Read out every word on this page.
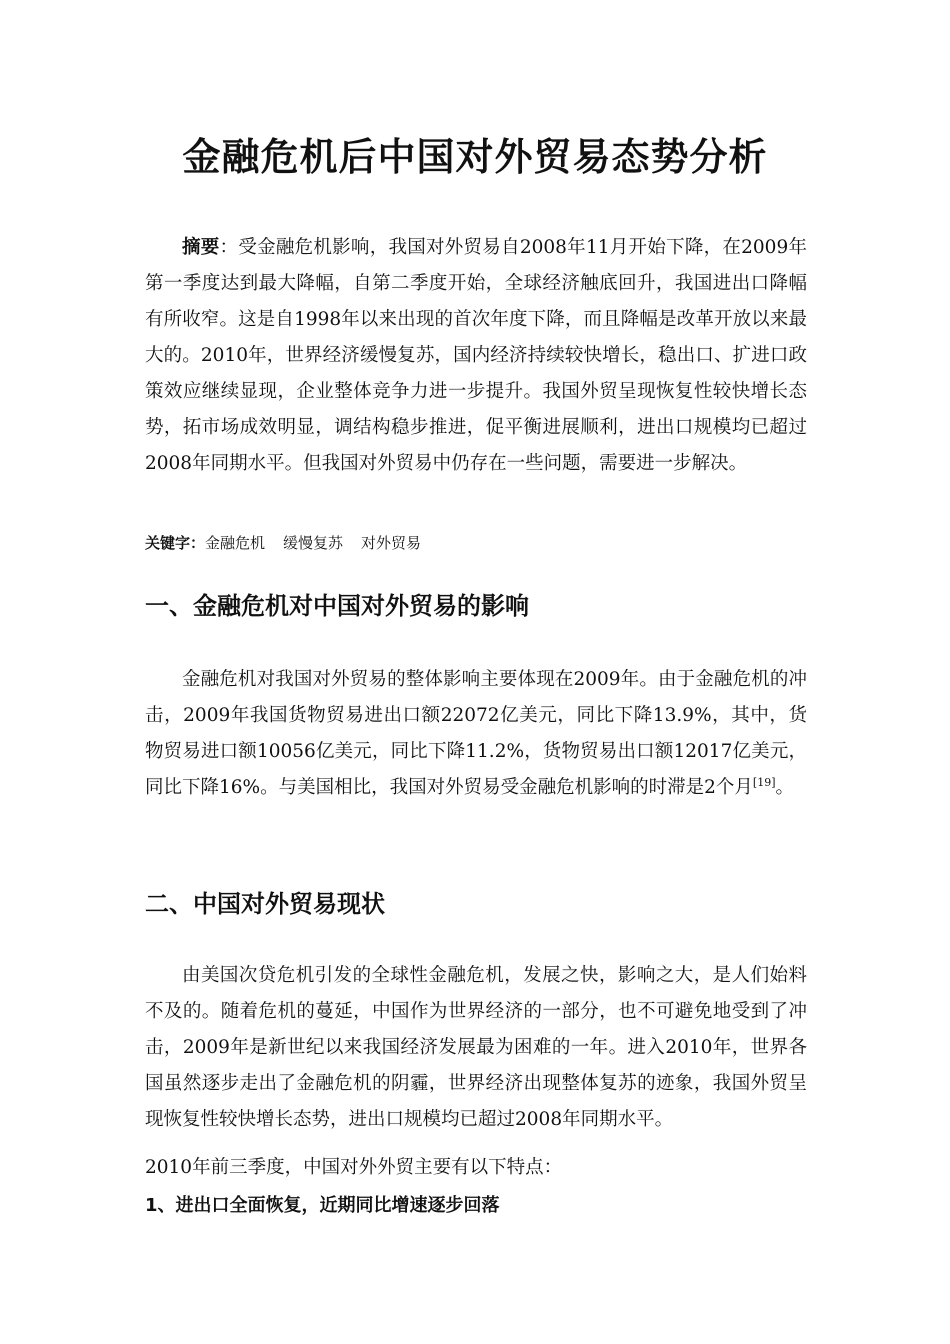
金融危机后中国对外贸易态势分析

摘要：受金融危机影响，我国对外贸易自2008年11月开始下降，在2009年第一季度达到最大降幅，自第二季度开始，全球经济触底回升，我国进出口降幅有所收窄。这是自1998年以来出现的首次年度下降，而且降幅是改革开放以来最大的。2010年，世界经济缓慢复苏，国内经济持续较快增长，稳出口、扩进口政策效应继续显现，企业整体竞争力进一步提升。我国外贸呈现恢复性较快增长态势，拓市场成效明显，调结构稳步推进，促平衡进展顺利，进出口规模均已超过2008年同期水平。但我国对外贸易中仍存在一些问题，需要进一步解决。

关键字：金融危机 缓慢复苏 对外贸易
一、金融危机对中国对外贸易的影响

金融危机对我国对外贸易的整体影响主要体现在2009年。由于金融危机的冲击，2009年我国货物贸易进出口额22072亿美元，同比下降13.9%，其中，货物贸易进口额10056亿美元，同比下降11.2%，货物贸易出口额12017亿美元，同比下降16%。与美国相比，我国对外贸易受金融危机影响的时滞是2个月[19]。

二、中国对外贸易现状

由美国次贷危机引发的全球性金融危机，发展之快，影响之大，是人们始料不及的。随着危机的蔓延，中国作为世界经济的一部分，也不可避免地受到了冲击，2009年是新世纪以来我国经济发展最为困难的一年。进入2010年，世界各国虽然逐步走出了金融危机的阴霾，世界经济出现整体复苏的迹象，我国外贸呈现恢复性较快增长态势，进出口规模均已超过2008年同期水平。

2010年前三季度，中国对外外贸主要有以下特点：

1、进出口全面恢复，近期同比增速逐步回落
